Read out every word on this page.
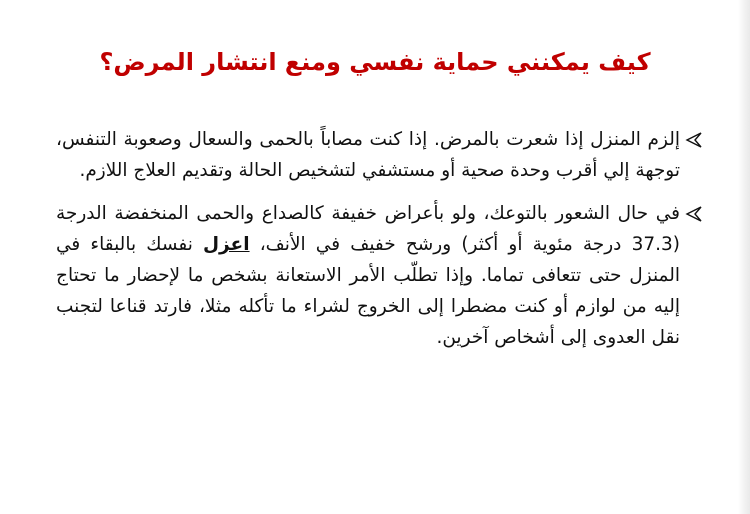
كيف يمكنني حماية نفسي ومنع انتشار المرض؟

إلزم المنزل إذا شعرت بالمرض. إذا كنت مصاباً بالحمى والسعال وصعوبة التنفس، توجهة إلي أقرب وحدة صحية أو مستشفي لتشخيص الحالة وتقديم العلاج اللازم.

في حال الشعور بالتوعك، ولو بأعراض خفيفة كالصداع والحمى المنخفضة الدرجة (37.3 درجة مئوية أو أكثر) ورشح خفيف في الأنف، اعزل نفسك بالبقاء في المنزل حتى تتعافى تماما. وإذا تطلّب الأمر الاستعانة بشخص ما لإحضار ما تحتاج إليه من لوازم أو كنت مضطرا إلى الخروج لشراء ما تأكله مثلا، فارتد قناعا لتجنب نقل العدوى إلى أشخاص آخرين.
